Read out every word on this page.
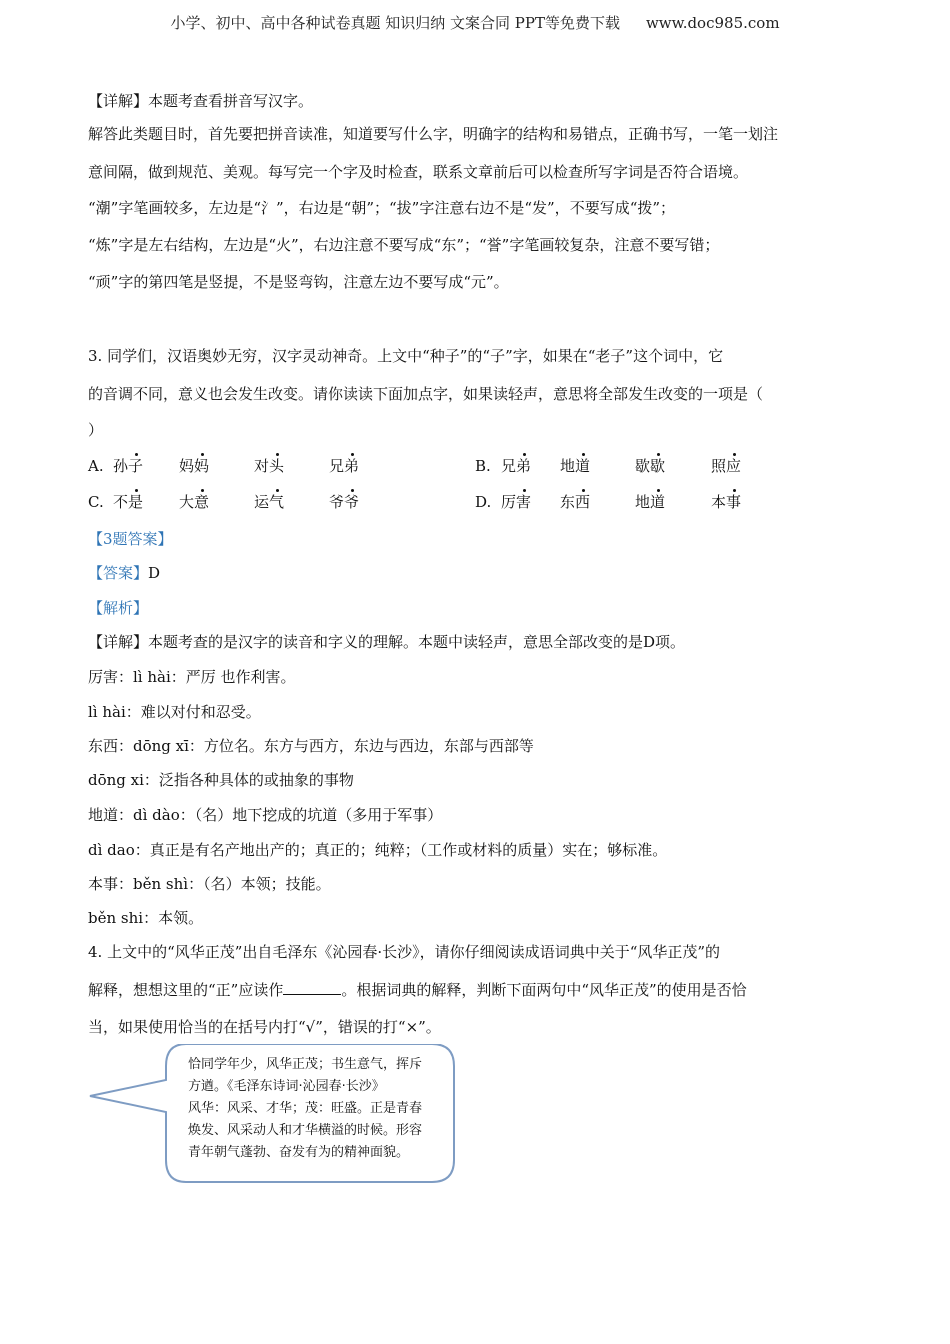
小学、初中、高中各种试卷真题 知识归纳 文案合同 PPT等免费下载 www.doc985.com
【详解】本题考查看拼音写汉字。
解答此类题目时，首先要把拼音读准，知道要写什么字，明确字的结构和易错点，正确书写，一笔一划注
意间隔，做到规范、美观。每写完一个字及时检查，联系文章前后可以检查所写字词是否符合语境。
“潮”字笔画较多，左边是“氵”，右边是“朝”；“拔”字注意右边不是“发”，不要写成“拨”；
“炼”字是左右结构，左边是“火”，右边注意不要写成“东”；“誉”字笔画较复杂，注意不要写错；
“顽”字的第四笔是竖提，不是竖弯钩，注意左边不要写成“元”。
3. 同学们，汉语奥妙无穷，汉字灵动神奇。上文中“种子”的“子”字，如果在“老子”这个词中，它
的音调不同，意义也会发生改变。请你读读下面加点字，如果读轻声，意思将全部发生改变的一项是（
）
A. 孙子 妈妈	对头	兄弟	B. 兄弟 地道	歇歇	照应
C. 不是 大意	运气	爷爷	D. 厉害 东西	地道	本事
【3题答案】
【答案】D
【解析】
【详解】本题考查的是汉字的读音和字义的理解。本题中读轻声，意思全部改变的是D项。
厉害：lì hài：严厉 也作利害。
lì hài：难以对付和忍受。
东西：dōng xī：方位名。东方与西方，东边与西边，东部与西部等
dōng xi：泛指各种具体的或抽象的事物
地道：dì dào：（名）地下挖成的坑道（多用于军事）
dì dao：真正是有名产地出产的；真正的；纯粹；（工作或材料的质量）实在；够标准。
本事：běn shì：（名）本领；技能。
běn shi：本领。
4. 上文中的“风华正茂”出自毛泽东《沁园春·长沙》，请你仔细阅读成语词典中关于“风华正茂”的
解释，想想这里的“正”应读作	。根据词典的解释，判断下面两句中“风华正茂”的使用是否恰
当，如果使用恰当的在括号内打“√”，错误的打“×”。
恰同学年少，风华正茂；书生意气，挥斥
方遒。《毛泽东诗词·沁园春·长沙》
风华：风采、才华；茂：旺盛。正是青春
焕发、风采动人和才华横溢的时候。形容
青年朝气蓬勃、奋发有为的精神面貌。
